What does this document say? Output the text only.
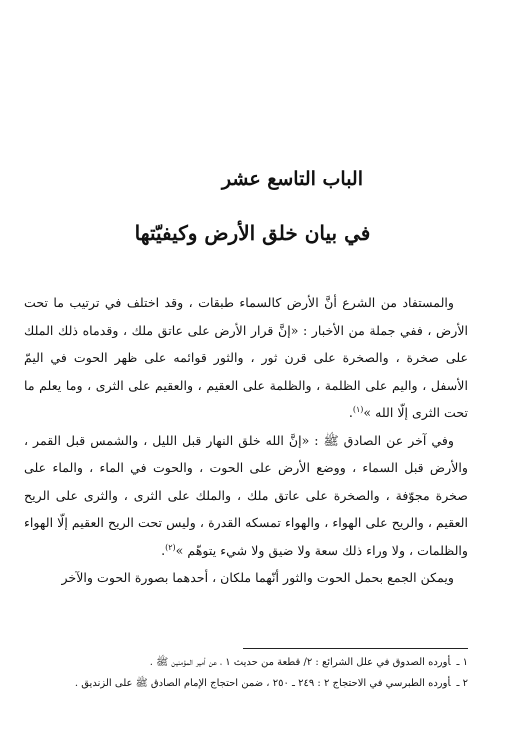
الباب التاسع عشر
في بيان خلق الأرض وكيفيّتها

والمستفاد من الشرع أنَّ الأرض كالسماء طبقات ، وقد اختلف في ترتيب ما تحت الأرض ، ففي جملة من الأخبار : «إنَّ قرار الأرض على عاتق ملك ، وقدماه ذلك الملك على صخرة ، والصخرة على قرن ثور ، والثور قوائمه على ظهر الحوت في اليمّ الأسفل ، واليم على الظلمة ، والظلمة على العقيم ، والعقيم على الثرى ، وما يعلم ما تحت الثرى إلّا الله »$^{(١)}$.

وفي آخر عن الصادق ﷺ : «إنَّ الله خلق النهار قبل الليل ، والشمس قبل القمر ، والأرض قبل السماء ، ووضع الأرض على الحوت ، والحوت في الماء ، والماء على صخرة مجوّفة ، والصخرة على عاتق ملك ، والملك على الثرى ، والثرى على الريح العقيم ، والريح على الهواء ، والهواء تمسكه القدرة ، وليس تحت الريح العقيم إلّا الهواء والظلمات ، ولا وراء ذلك سعة ولا ضيق ولا شيء يتوهّم »$^{(٢)}$.

ويمكن الجمع بحمل الحوت والثور أنّهما ملكان ، أحدهما بصورة الحوت والآخر

١ ـأورده الصدوق في علل الشرائع : ٢/ قطعة من حديث ١ ، عن أمير المؤمنين ﷺ .

٢ ـأورده الطبرسي في الاحتجاج ٢ : ٢٤٩ ـ ٢٥٠ ، ضمن احتجاج الإمام الصادق ﷺ على الزنديق .
